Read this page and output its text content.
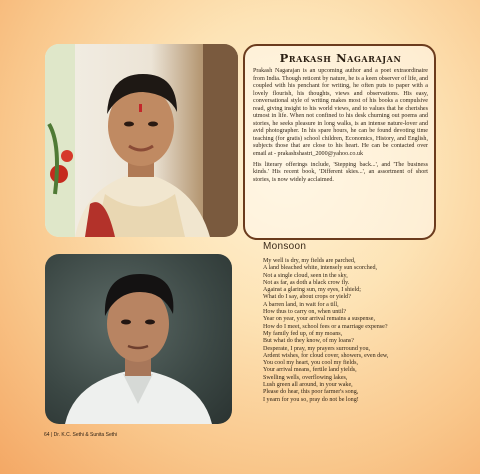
Prakash Nagarajan

Prakash Nagarajan is an upcoming author and a poet extraordinaire from India. Though reticent by nature, he is a keen observer of life, and coupled with his penchant for writing, he often puts to paper with a lovely flourish, his thoughts, views and observations. His easy, conversational style of writing makes most of his books a compulsive read, giving insight to his world views, and to values that he cherishes utmost in life. When not confined to his desk churning out poems and stories, he seeks pleasure in long walks, is an intense nature-lover and avid photographer. In his spare hours, he can be found devoting time teaching (for gratis) school children, Economics, History, and English, subjects those that are close to his heart. He can be contacted over email at - prakashshastri_2000@yahoo.co.uk

His literary offerings include, 'Stepping back...', and 'The business kinds.' His recent book, 'Different skies...', an assortment of short stories, is now widely acclaimed.

Monsoon
My well is dry, my fields are parched,
A land bleached white, intensely sun scorched,
Not a single cloud, seen in the sky,
Not as far, as doth a black crow fly.
Against a glaring sun, my eyes, I shield;
What do I say, about crops or yield?
A barren land, in wait for a till,
How thus to carry on, when until?
Year on year, your arrival remains a suspense,
How do I meet, school fees or a marriage expense?
My family fed up, of my moans,
But what do they know, of my loans?
Desperate, I pray, my prayers surround you,
Ardent wishes, for cloud cover, showers, even dew,
You cool my heart, you cool my fields,
Your arrival means, fertile land yields,
Swelling wells, overflowing lakes,
Lush green all around, in your wake,
Please do hear, this poor farmer's song,
I yearn for you so, pray do not be long!
64 | Dr. K.C. Sethi & Sunita Sethi
